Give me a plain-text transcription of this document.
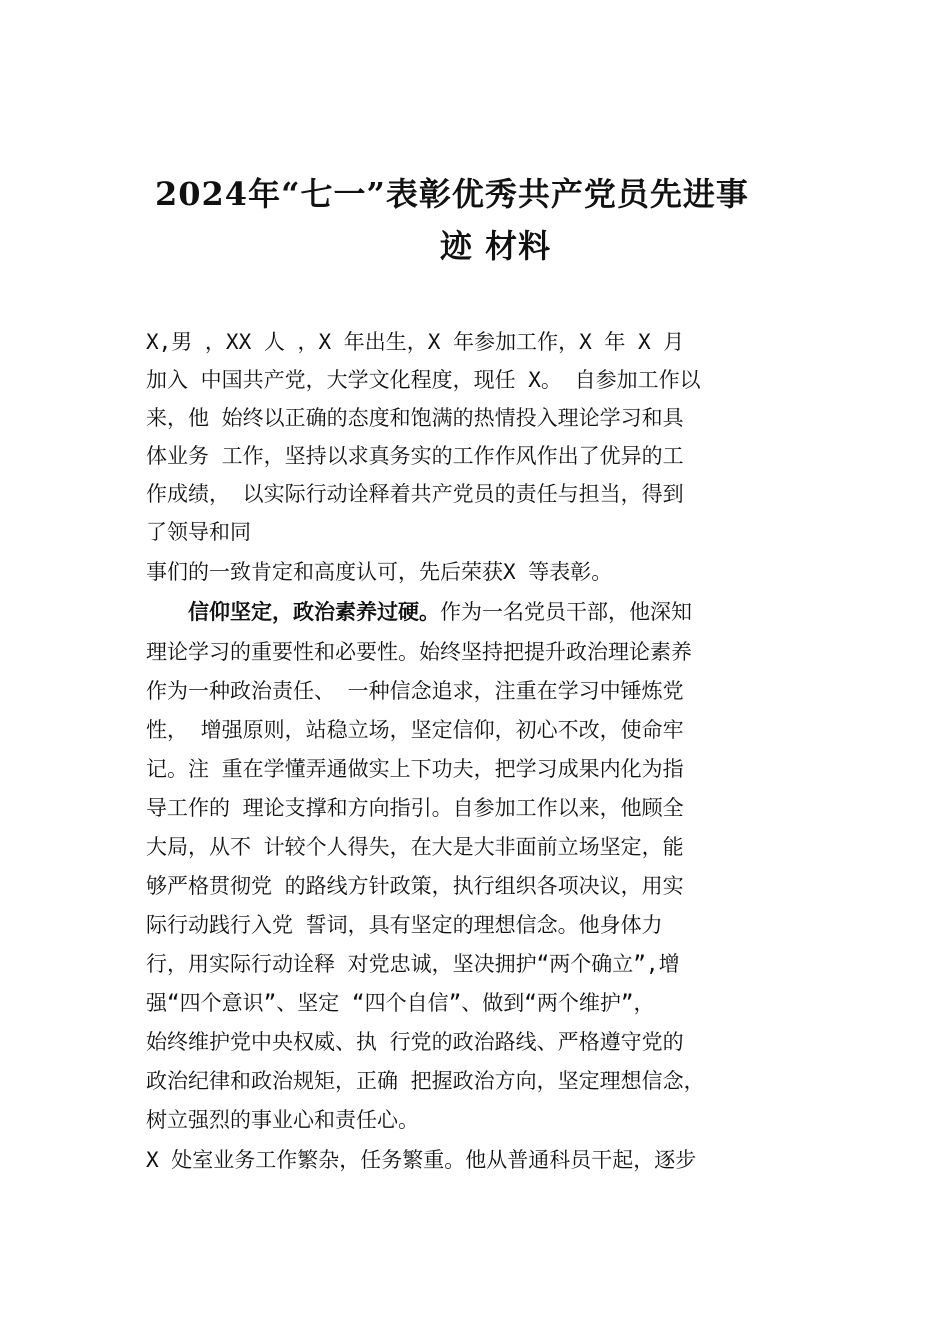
2024年“七一”表彰优秀共产党员先进事
迹 材料
X,男 ，XX 人 ，X 年出生，X 年参加工作，X 年 X 月
加入 中国共产党，大学文化程度，现任 X。 自参加工作以
来，他 始终以正确的态度和饱满的热情投入理论学习和具
体业务 工作，坚持以求真务实的工作作风作出了优异的工
作成绩， 以实际行动诠释着共产党员的责任与担当，得到
了领导和同
事们的一致肯定和高度认可，先后荣获X 等表彰。
信仰坚定，政治素养过硬。作为一名党员干部，他深知
理论学习的重要性和必要性。始终坚持把提升政治理论素养
作为一种政治责任、 一种信念追求，注重在学习中锤炼党
性， 增强原则，站稳立场，坚定信仰，初心不改，使命牢
记。注 重在学懂弄通做实上下功夫，把学习成果内化为指
导工作的 理论支撑和方向指引。自参加工作以来，他顾全
大局，从不 计较个人得失，在大是大非面前立场坚定，能
够严格贯彻党 的路线方针政策，执行组织各项决议，用实
际行动践行入党 誓词，具有坚定的理想信念。他身体力
行，用实际行动诠释 对党忠诚，坚决拥护“两个确立”,增
强“四个意识”、坚定 “四个自信”、做到“两个维护”，
始终维护党中央权威、执 行党的政治路线、严格遵守党的
政治纪律和政治规矩，正确 把握政治方向，坚定理想信念，
树立强烈的事业心和责任心。
X 处室业务工作繁杂，任务繁重。他从普通科员干起，逐步
